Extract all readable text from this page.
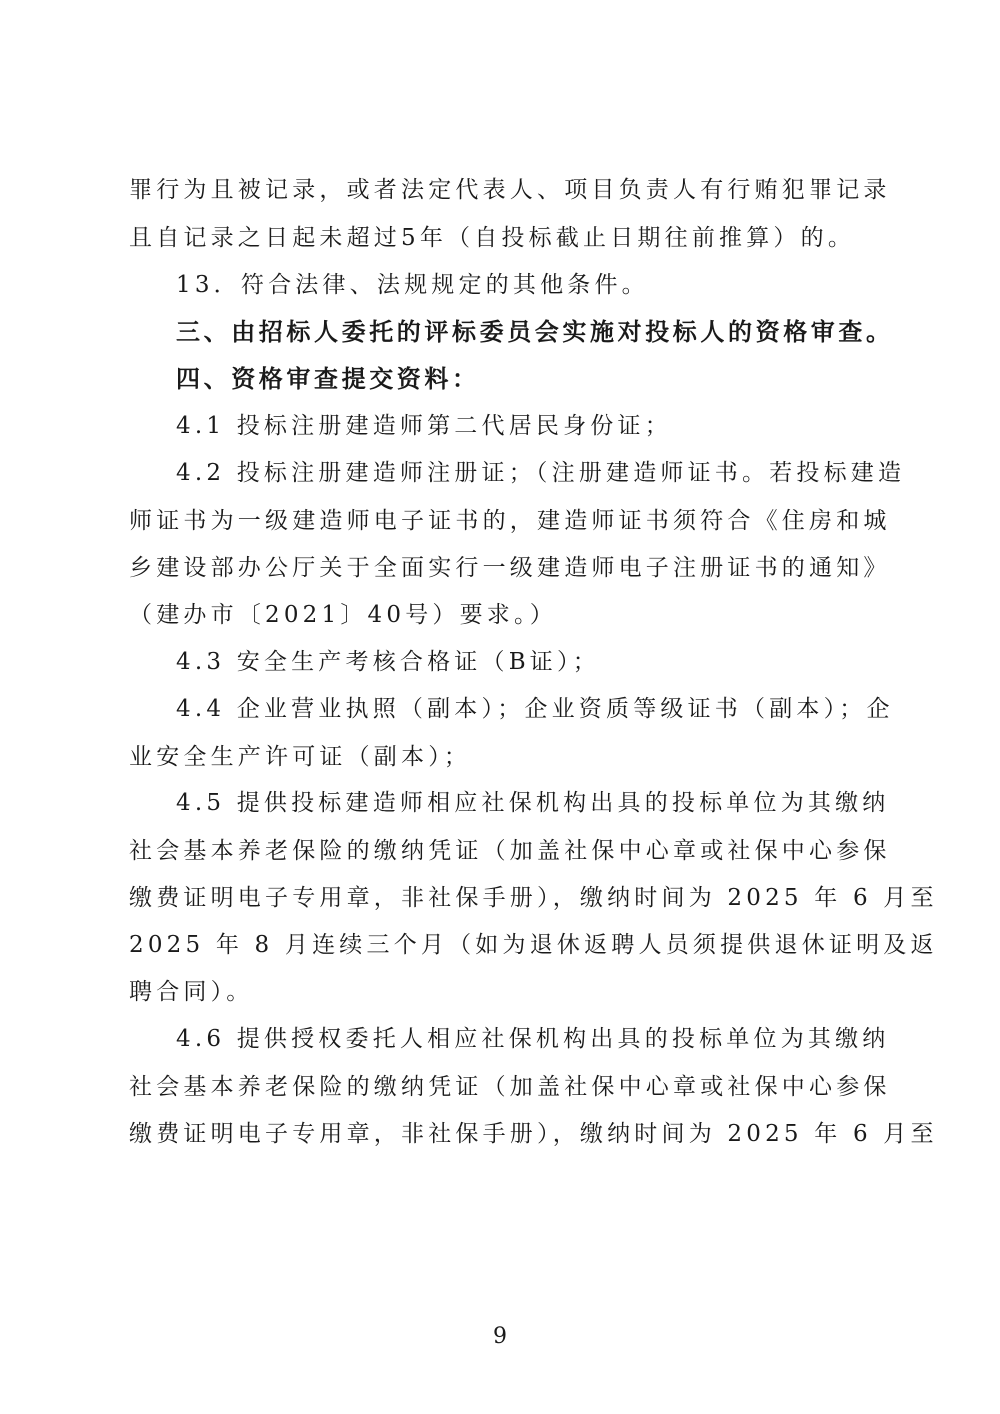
罪行为且被记录，或者法定代表人、项目负责人有行贿犯罪记录
且自记录之日起未超过5年（自投标截止日期往前推算）的。
13．符合法律、法规规定的其他条件。
三、由招标人委托的评标委员会实施对投标人的资格审查。
四、资格审查提交资料：
4.1 投标注册建造师第二代居民身份证；
4.2 投标注册建造师注册证；（注册建造师证书。若投标建造
师证书为一级建造师电子证书的，建造师证书须符合《住房和城
乡建设部办公厅关于全面实行一级建造师电子注册证书的通知》
（建办市〔2021〕40号）要求。）
4.3 安全生产考核合格证（B证）；
4.4 企业营业执照（副本）；企业资质等级证书（副本）；企
业安全生产许可证（副本）；
4.5 提供投标建造师相应社保机构出具的投标单位为其缴纳
社会基本养老保险的缴纳凭证（加盖社保中心章或社保中心参保
缴费证明电子专用章，非社保手册），缴纳时间为 2025 年 6 月至
2025 年 8 月连续三个月（如为退休返聘人员须提供退休证明及返
聘合同）。
4.6 提供授权委托人相应社保机构出具的投标单位为其缴纳
社会基本养老保险的缴纳凭证（加盖社保中心章或社保中心参保
缴费证明电子专用章，非社保手册），缴纳时间为 2025 年 6 月至
9
